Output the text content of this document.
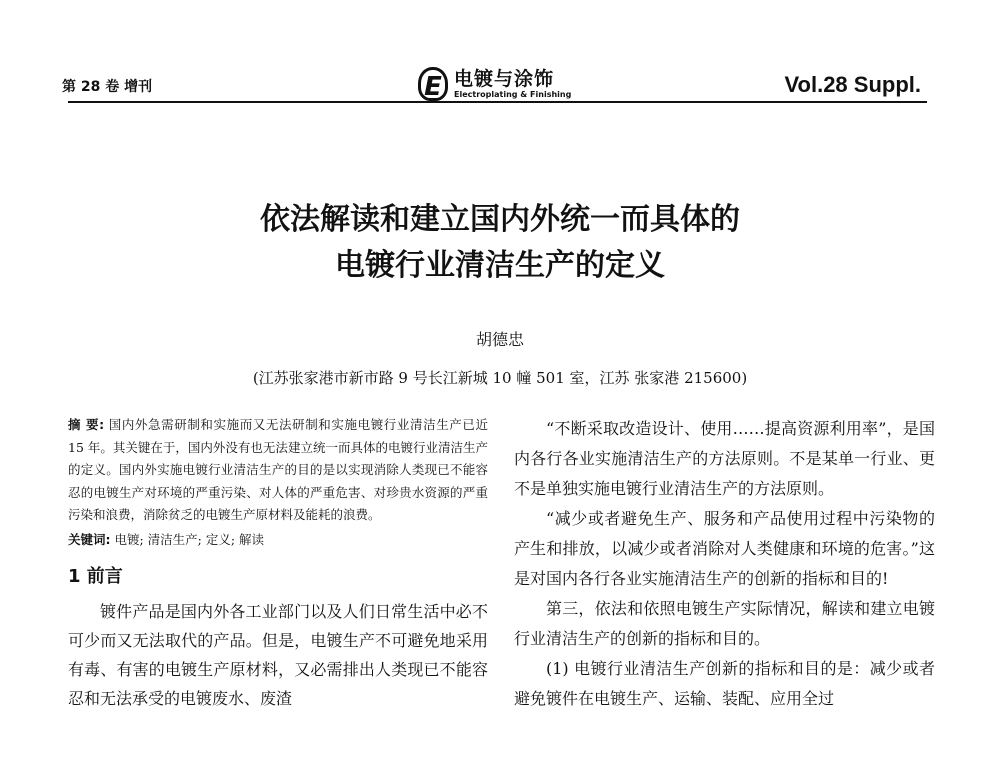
第 28 卷 增刊	E 电镀与涂饰
Electroplating & Finishing	Vol.28 Suppl.
依法解读和建立国内外统一而具体的
电镀行业清洁生产的定义
胡德忠
(江苏张家港市新市路 9 号长江新城 10 幢 501 室，江苏 张家港 215600)

摘 要: 国内外急需研制和实施而又无法研制和实施电镀行业清洁生产已近 15 年。其关键在于，国内外没有也无法建立统一而具体的电镀行业清洁生产的定义。国内外实施电镀行业清洁生产的目的是以实现消除人类现已不能容忍的电镀生产对环境的严重污染、对人体的严重危害、对珍贵水资源的严重污染和浪费，消除贫乏的电镀生产原材料及能耗的浪费。

关键词: 电镀; 清洁生产; 定义; 解读

1 前言

镀件产品是国内外各工业部门以及人们日常生活中必不可少而又无法取代的产品。但是，电镀生产不可避免地采用有毒、有害的电镀生产原材料，又必需排出人类现已不能容忍和无法承受的电镀废水、废渣

“不断采取改造设计、使用……提高资源利用率”，是国内各行各业实施清洁生产的方法原则。不是某单一行业、更不是单独实施电镀行业清洁生产的方法原则。

“减少或者避免生产、服务和产品使用过程中污染物的产生和排放，以减少或者消除对人类健康和环境的危害。”这是对国内各行各业实施清洁生产的创新的指标和目的!

第三，依法和依照电镀生产实际情况，解读和建立电镀行业清洁生产的创新的指标和目的。

(1) 电镀行业清洁生产创新的指标和目的是：减少或者避免镀件在电镀生产、运输、装配、应用全过
